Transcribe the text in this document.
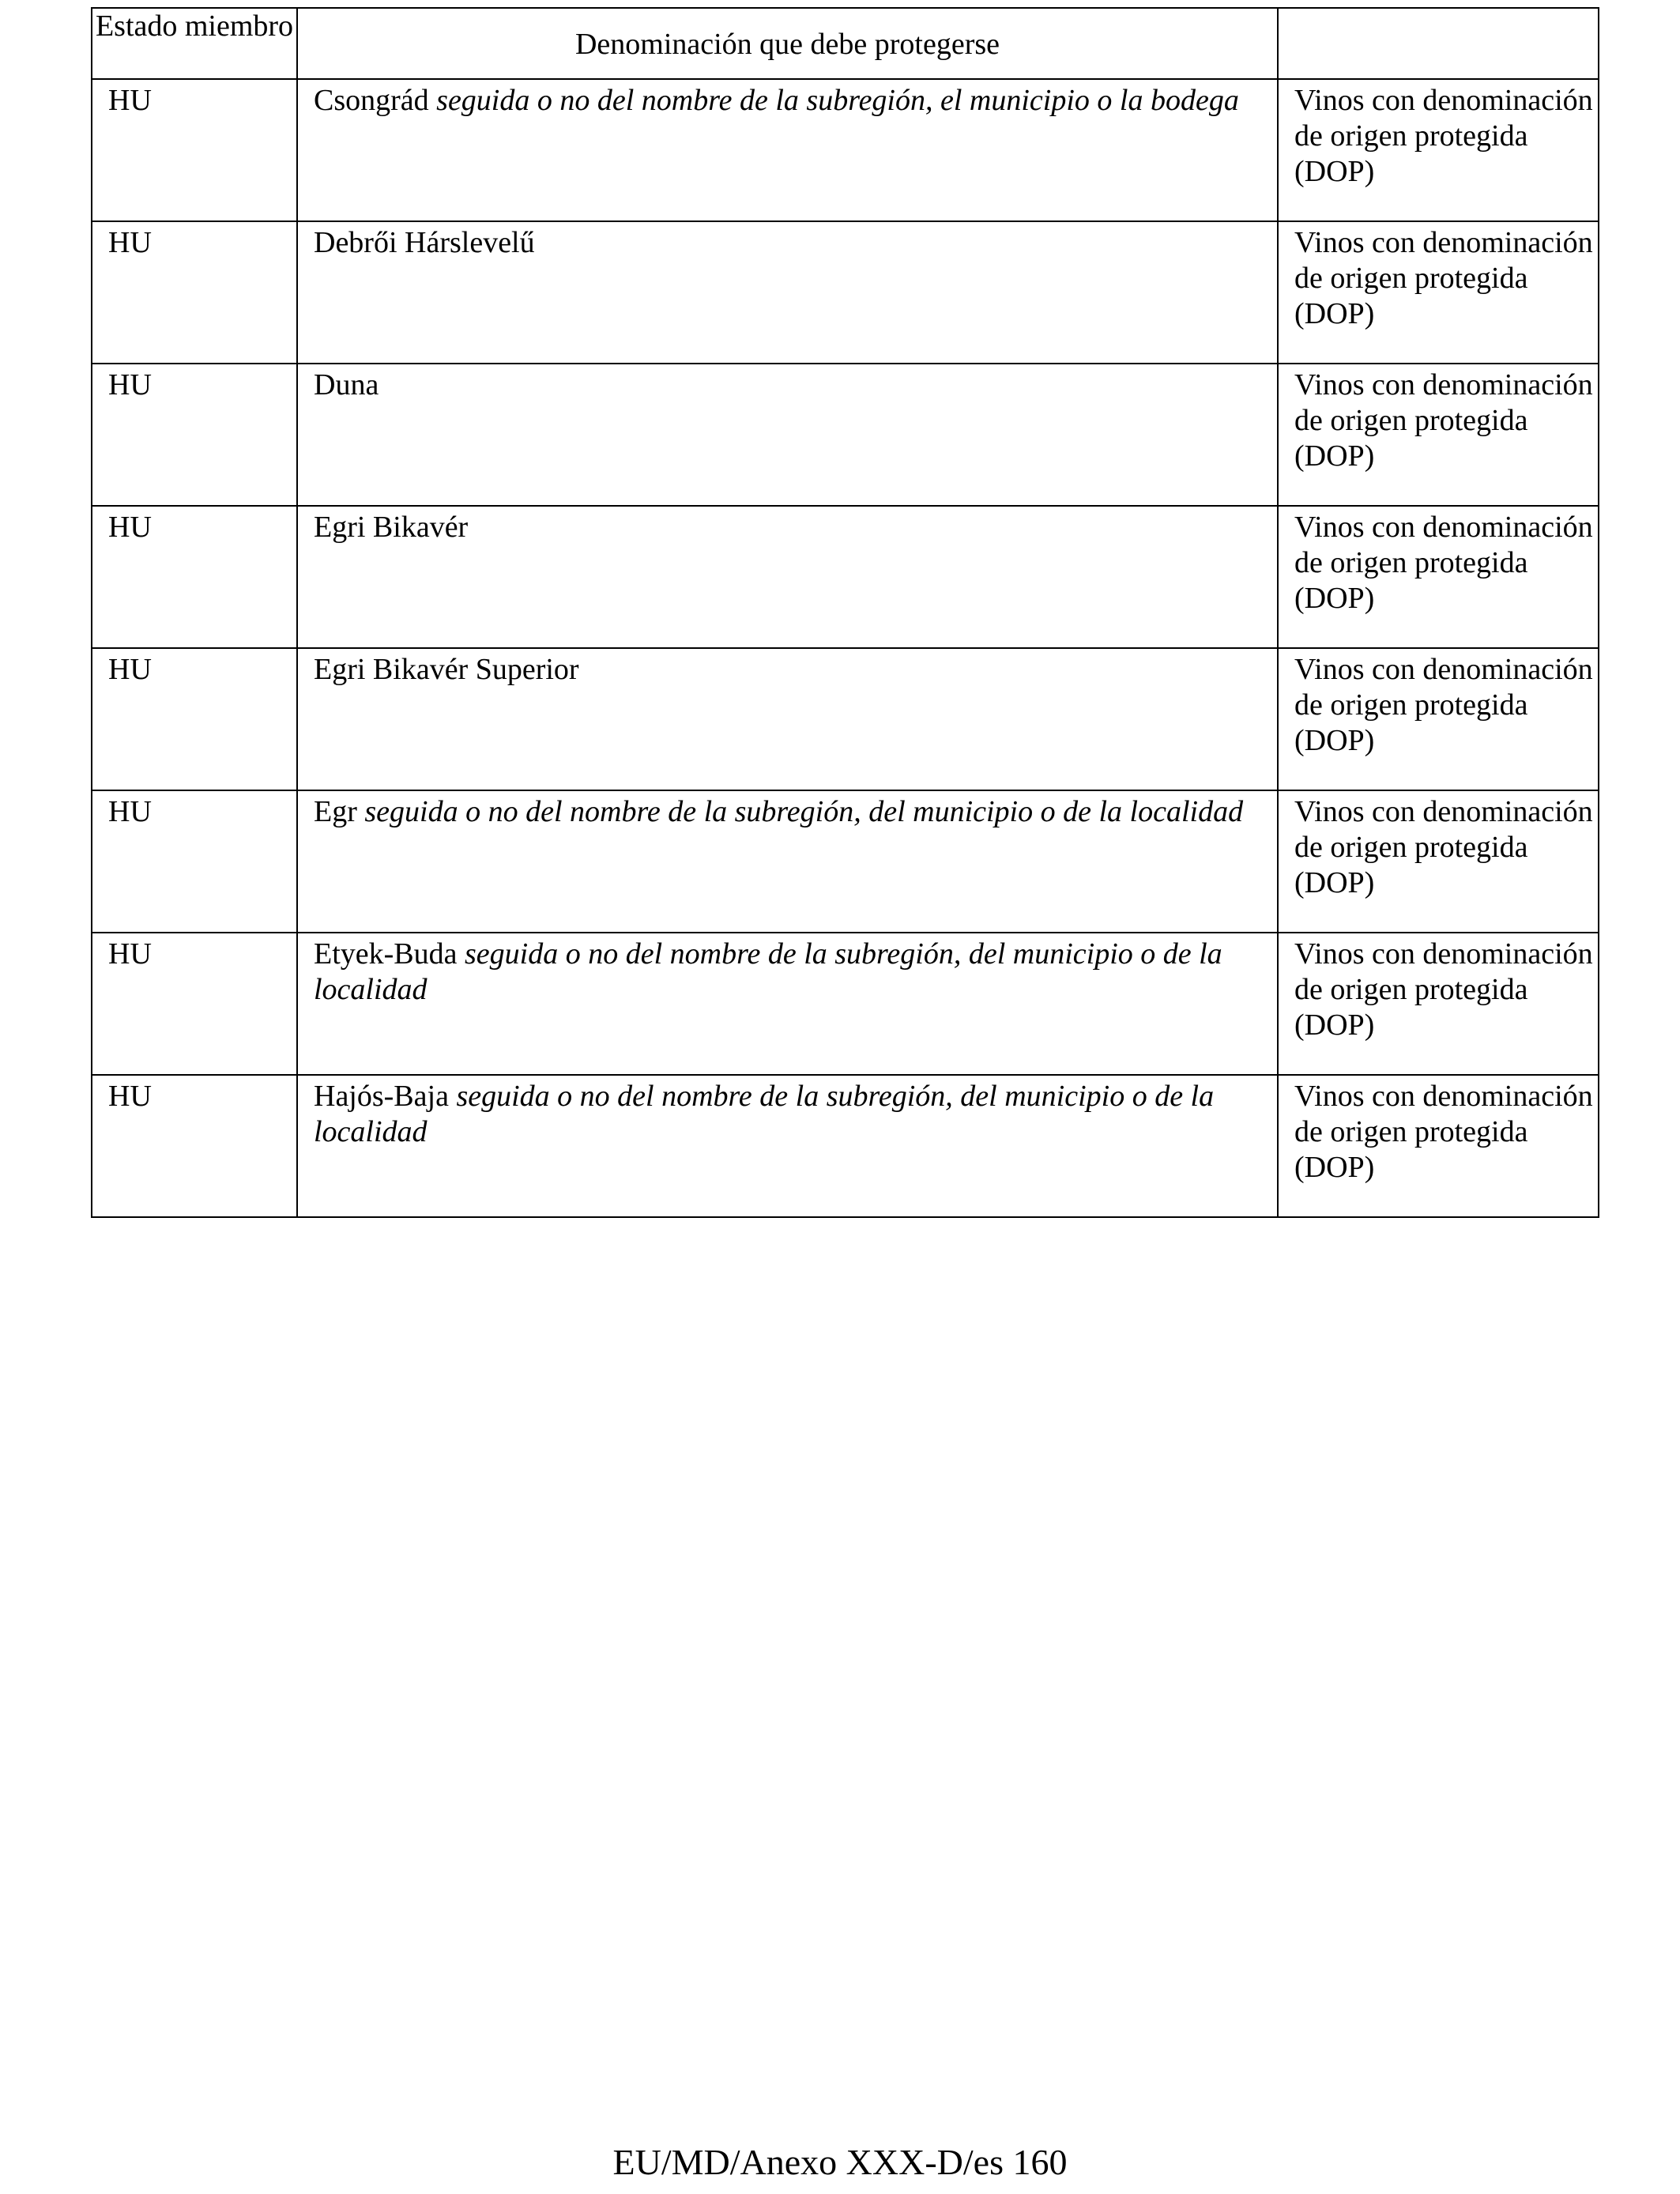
Estado miembro	Denominación que debe protegerse	

HU	Csongrád seguida o no del nombre de la subregión, el municipio o la bodega	Vinos con denominación de origen protegida (DOP)

HU	Debrői Hárslevelű	Vinos con denominación de origen protegida (DOP)

HU	Duna	Vinos con denominación de origen protegida (DOP)

HU	Egri Bikavér	Vinos con denominación de origen protegida (DOP)

HU	Egri Bikavér Superior	Vinos con denominación de origen protegida (DOP)

HU	Egr seguida o no del nombre de la subregión, del municipio o de la localidad	Vinos con denominación de origen protegida (DOP)

HU	Etyek-Buda seguida o no del nombre de la subregión, del municipio o de la localidad	Vinos con denominación de origen protegida (DOP)

HU	Hajós-Baja seguida o no del nombre de la subregión, del municipio o de la localidad	Vinos con denominación de origen protegida (DOP)
EU/MD/Anexo XXX-D/es 160
